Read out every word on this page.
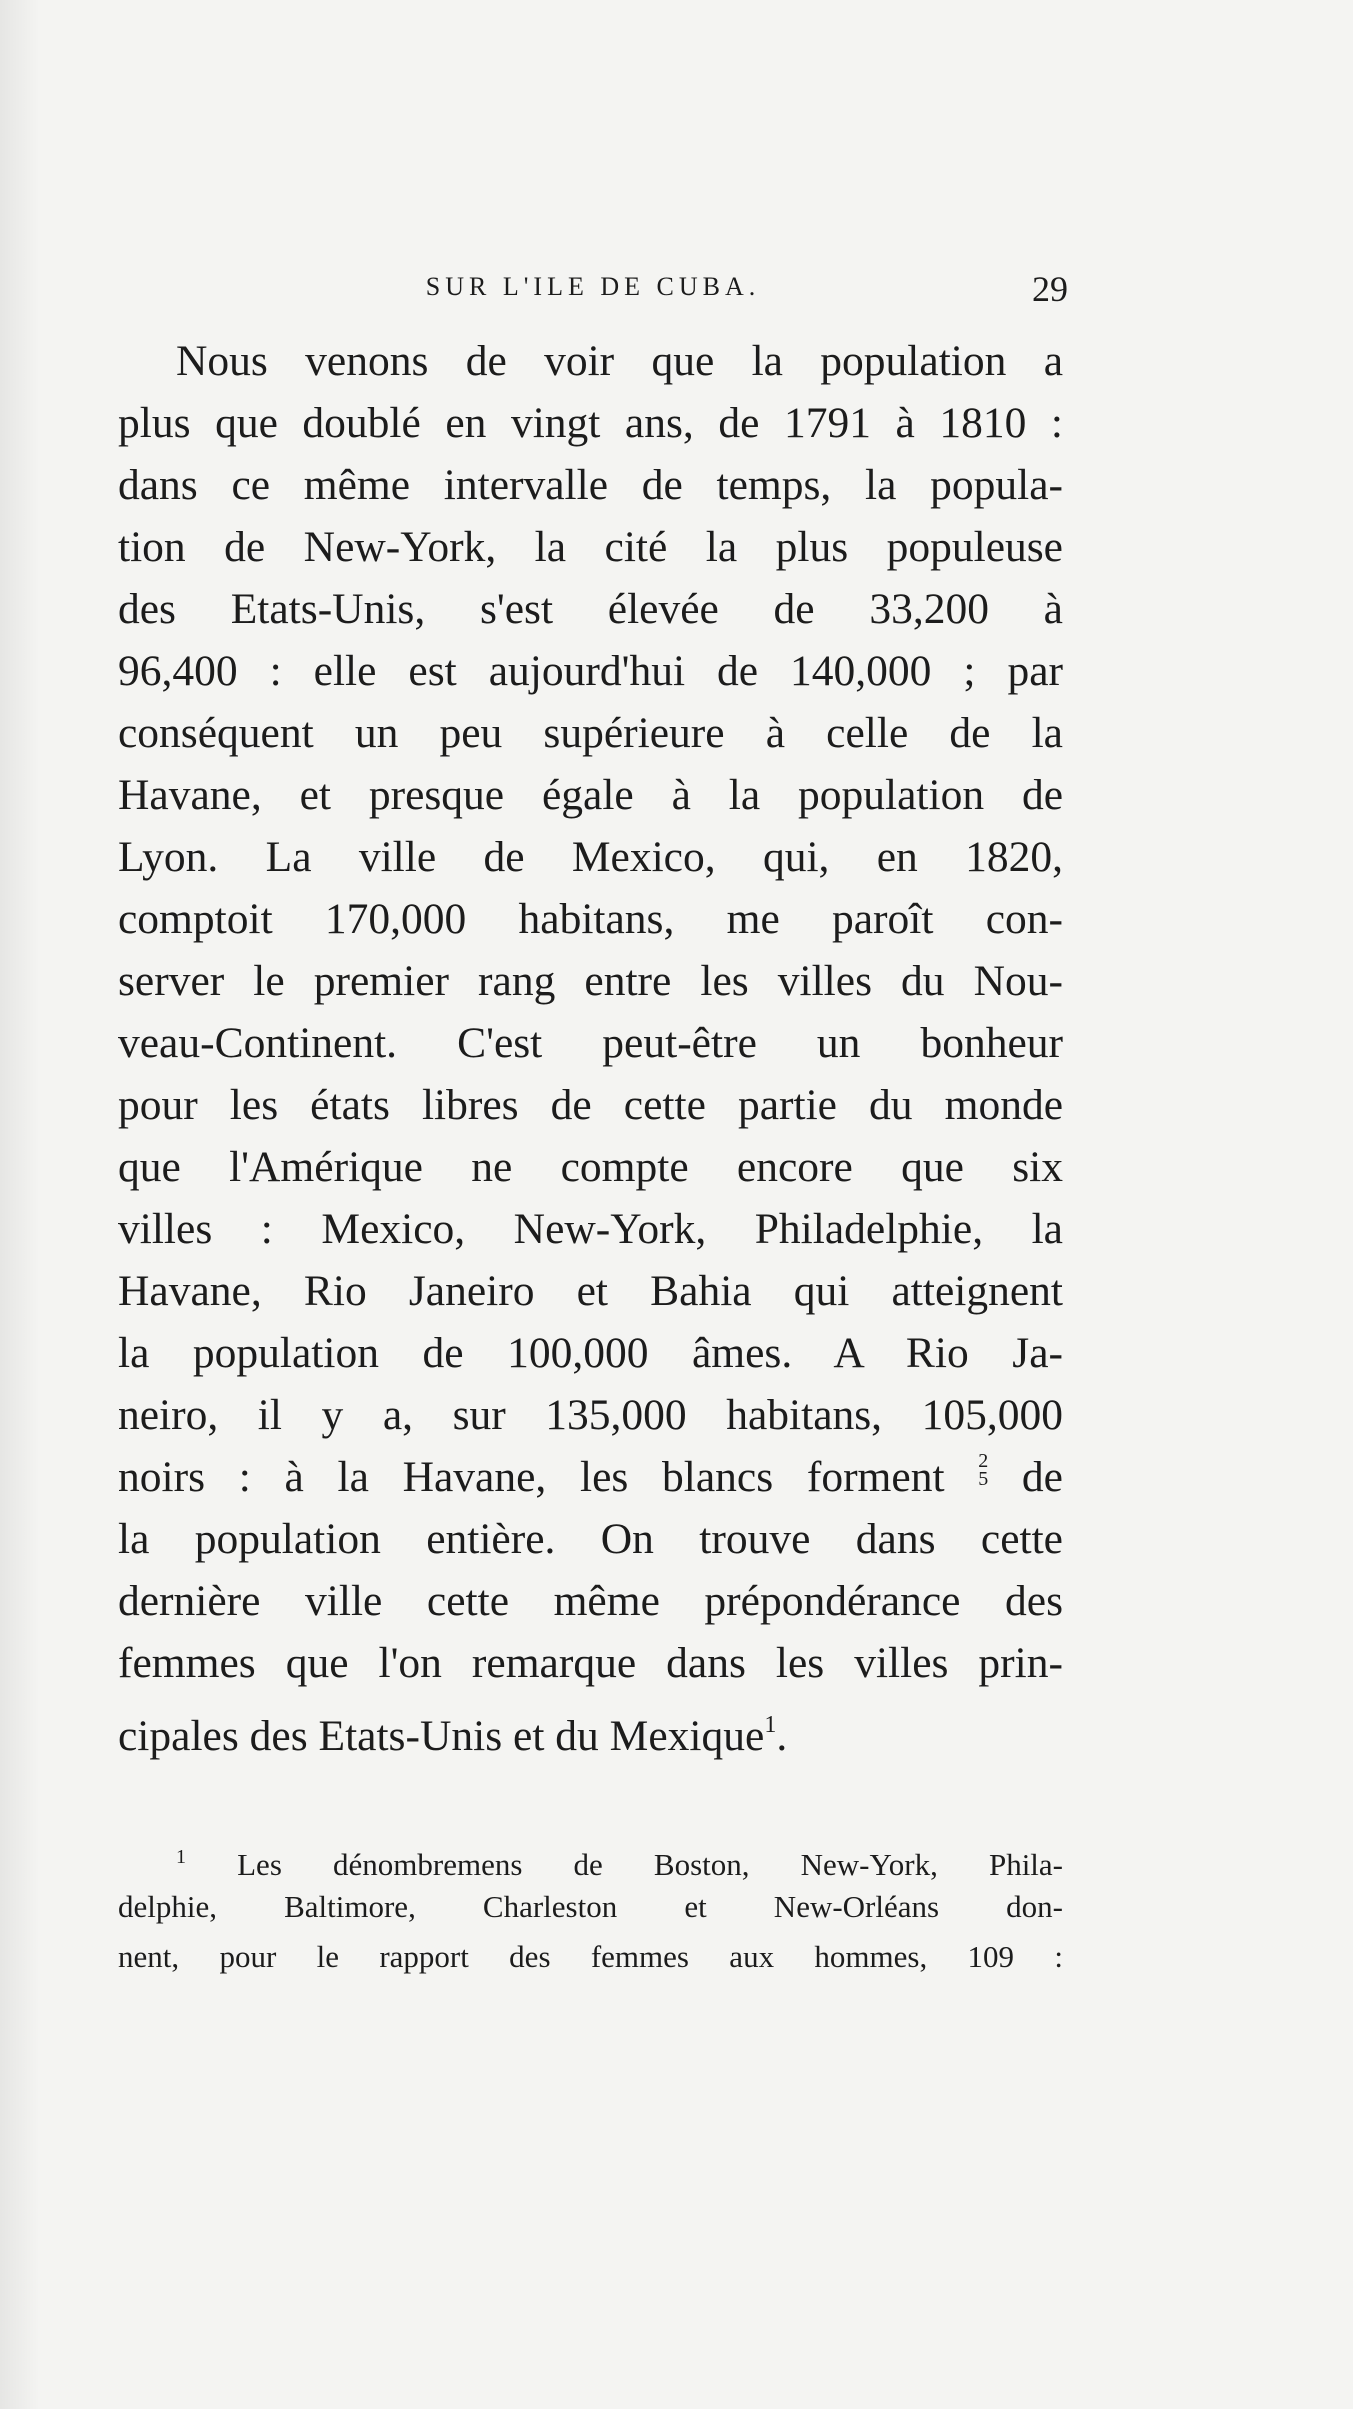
SUR L'ILE DE CUBA.	29
Nous venons de voir que la population a
plus que doublé en vingt ans, de 1791 à 1810 :
dans ce même intervalle de temps, la popula-
tion de New-York, la cité la plus populeuse
des Etats-Unis, s'est élevée de 33,200 à
96,400 : elle est aujourd'hui de 140,000 ; par
conséquent un peu supérieure à celle de la
Havane, et presque égale à la population de
Lyon. La ville de Mexico, qui, en 1820,
comptoit 170,000 habitans, me paroît con-
server le premier rang entre les villes du Nou-
veau-Continent. C'est peut-être un bonheur
pour les états libres de cette partie du monde
que l'Amérique ne compte encore que six
villes : Mexico, New-York, Philadelphie, la
Havane, Rio Janeiro et Bahia qui atteignent
la population de 100,000 âmes. A Rio Ja-
neiro, il y a, sur 135,000 habitans, 105,000
noirs : à la Havane, les blancs forment 2
5 de
la population entière. On trouve dans cette
dernière ville cette même prépondérance des
femmes que l'on remarque dans les villes prin-
cipales des Etats-Unis et du Mexique$^1$.
$^1$ Les dénombremens de Boston, New-York, Phila-
delphie, Baltimore, Charleston et New-Orléans don-
nent, pour le rapport des femmes aux hommes, 109 :
